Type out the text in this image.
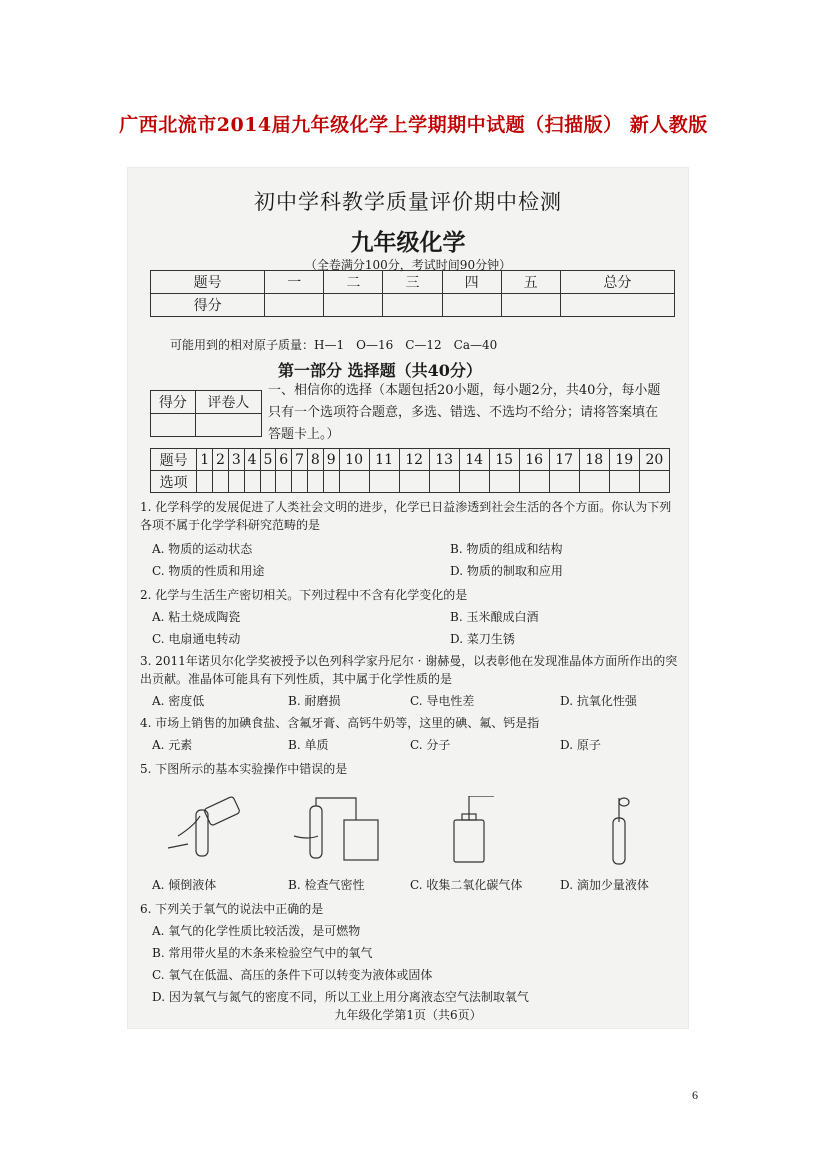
广西北流市2014届九年级化学上学期期中试题（扫描版） 新人教版
初中学科教学质量评价期中检测
九年级化学
（全卷满分100分，考试时间90分钟）
题号	一	二	三	四	五	总分
得分						
可能用到的相对原子质量：H—1　O—16　C—12　Ca—40
第一部分 选择题（共40分）
得分	评卷人

一、相信你的选择（本题包括20小题，每小题2分，共40分，每小题只有一个选项符合题意，多选、错选、不选均不给分；请将答案填在答题卡上。）
题号	1	2	3	4	5	6	7	8	9	10	11	12	13	14	15	16	17	18	19	20
选项																				
1. 化学科学的发展促进了人类社会文明的进步，化学已日益渗透到社会生活的各个方面。你认为下列各项不属于化学学科研究范畴的是
A. 物质的运动状态	B. 物质的组成和结构
C. 物质的性质和用途	D. 物质的制取和应用
2. 化学与生活生产密切相关。下列过程中不含有化学变化的是
A. 粘土烧成陶瓷	B. 玉米酿成白酒
C. 电扇通电转动	D. 菜刀生锈
3. 2011年诺贝尔化学奖被授予以色列科学家丹尼尔 · 谢赫曼，以表彰他在发现准晶体方面所作出的突出贡献。准晶体可能具有下列性质，其中属于化学性质的是
A. 密度低	B. 耐磨损	C. 导电性差	D. 抗氧化性强
4. 市场上销售的加碘食盐、含氟牙膏、高钙牛奶等，这里的碘、氟、钙是指
A. 元素	B. 单质	C. 分子	D. 原子
5. 下图所示的基本实验操作中错误的是
A. 倾倒液体	B. 检查气密性	C. 收集二氧化碳气体	D. 滴加少量液体
6. 下列关于氧气的说法中正确的是
A. 氧气的化学性质比较活泼，是可燃物
B. 常用带火星的木条来检验空气中的氧气
C. 氧气在低温、高压的条件下可以转变为液体或固体
D. 因为氧气与氮气的密度不同，所以工业上用分离液态空气法制取氧气
九年级化学第1页（共6页）
6
